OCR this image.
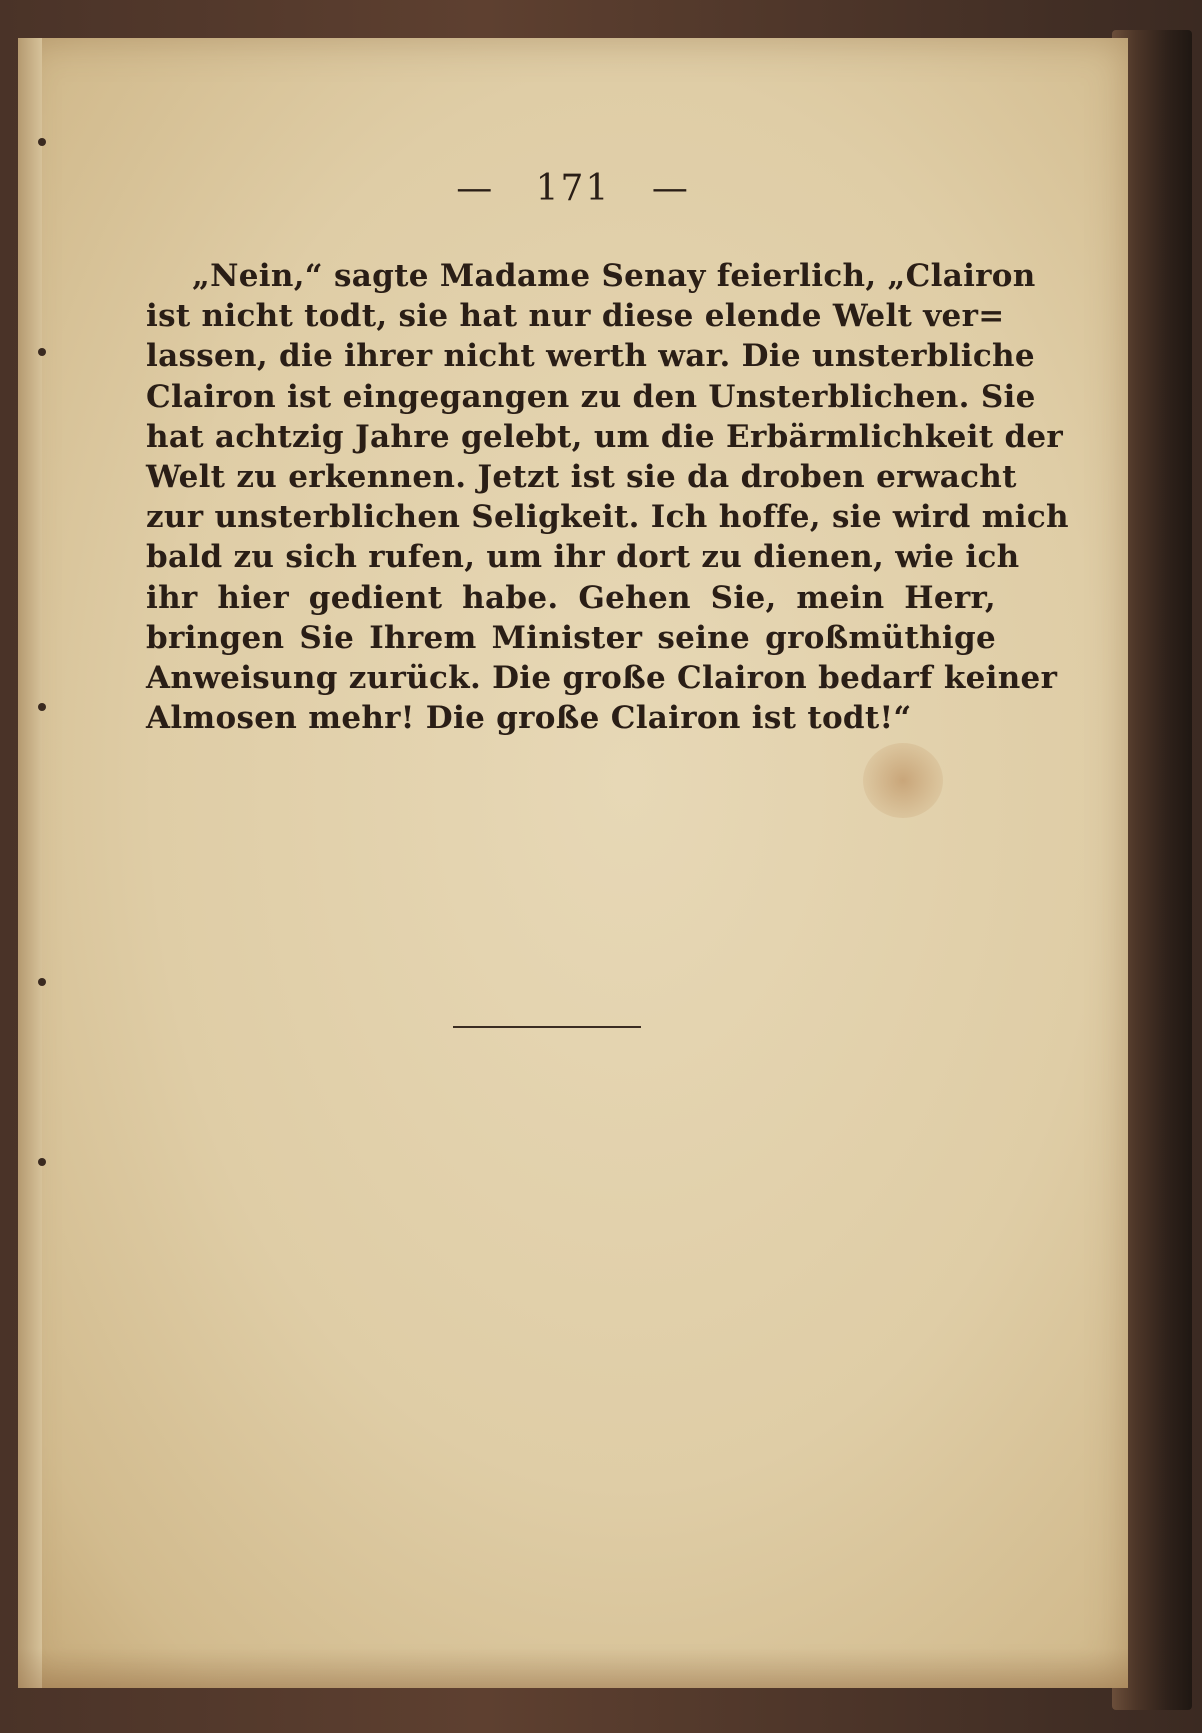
— 171 —
„Nein,“ sagte Madame Senay feierlich, „Clairon
ist nicht todt, sie hat nur diese elende Welt ver=
lassen, die ihrer nicht werth war. Die unsterbliche
Clairon ist eingegangen zu den Unsterblichen. Sie
hat achtzig Jahre gelebt, um die Erbärmlichkeit der
Welt zu erkennen. Jetzt ist sie da droben erwacht
zur unsterblichen Seligkeit. Ich hoffe, sie wird mich
bald zu sich rufen, um ihr dort zu dienen, wie ich
ihr hier gedient habe. Gehen Sie, mein Herr,
bringen Sie Ihrem Minister seine großmüthige
Anweisung zurück. Die große Clairon bedarf keiner
Almosen mehr! Die große Clairon ist todt!“
